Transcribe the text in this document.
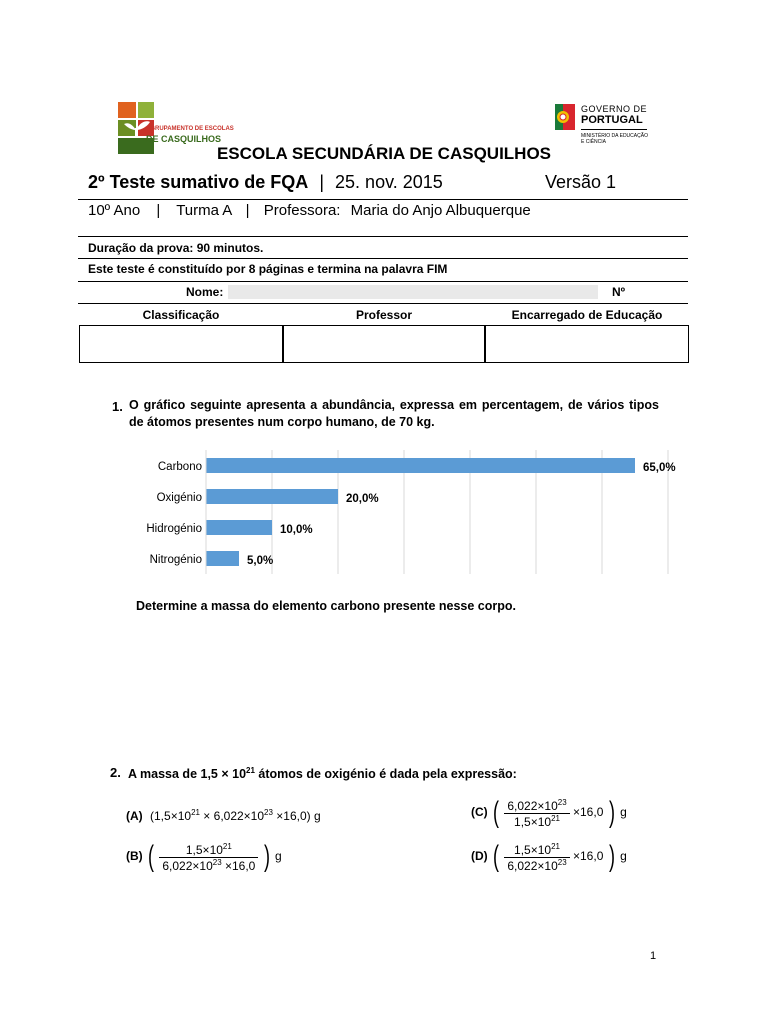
AGRUPAMENTO DE ESCOLAS
DE CASQUILHOS
GOVERNO DE
PORTUGAL
MINISTÉRIO DA EDUCAÇÃO
E CIÊNCIA
ESCOLA SECUNDÁRIA DE CASQUILHOS
2º Teste sumativo de FQA | 25. nov. 2015	Versão 1
10º Ano | Turma A | Professora: Maria do Anjo Albuquerque
Duração da prova: 90 minutos.
Este teste é constituído por 8 páginas e termina na palavra FIM
Nome:	Nº
Classificação	Professor	Encarregado de Educação
1. O gráfico seguinte apresenta a abundância, expressa em percentagem, de vários tipos de átomos presentes num corpo humano, de 70 kg.
Carbono	65,0%
Oxigénio	20,0%
Hidrogénio	10,0%
Nitrogénio	5,0%
Determine a massa do elemento carbono presente nesse corpo.
2. A massa de $1,5 \times 10^{21}$ átomos de oxigénio é dada pela expressão:
(A) $(1,5\times 10^{21} \times 6,022\times 10^{23} \times 16,0)$ g
(B) ( $\frac{1,5\times 10^{21}}{6,022\times 10^{23} \times 16,0}$ ) g
(C) ( $\frac{6,022\times 10^{23}}{1,5\times 10^{21}} \times 16,0$ ) g
(D) ( $\frac{1,5\times 10^{21}}{6,022\times 10^{23}} \times 16,0$ ) g
1
